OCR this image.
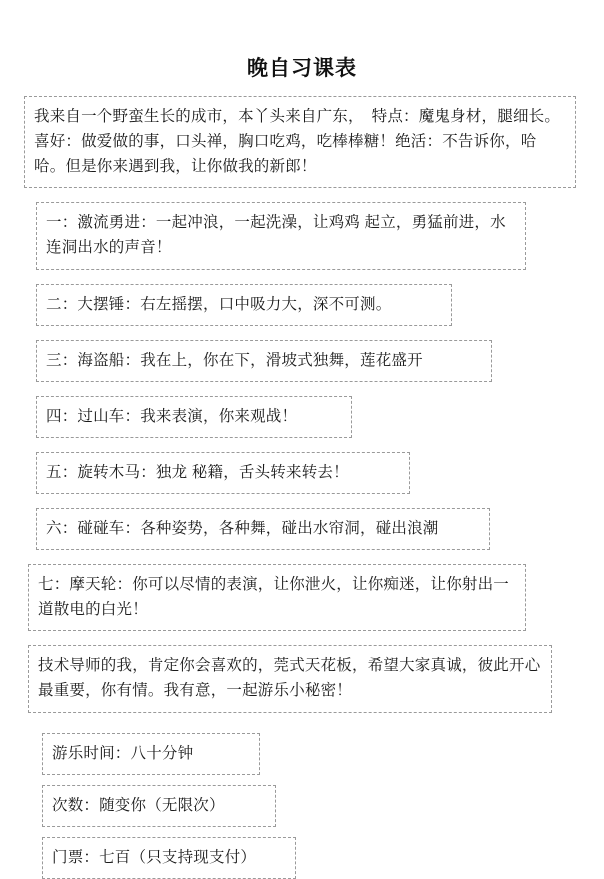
晚自习课表

我来自一个野蛮生长的成市，本丫头来自广东，　特点：魔鬼身材，腿细长。喜好：做爱做的事，口头禅，胸口吃鸡，吃棒棒糖！绝活：不告诉你，哈哈。但是你来遇到我，让你做我的新郎！

一：激流勇进：一起冲浪，一起洗澡，让鸡鸡 起立，勇猛前进，水连洞出水的声音！

二：大摆锤：右左摇摆，口中吸力大，深不可测。

三：海盗船：我在上，你在下，滑坡式独舞，莲花盛开

四：过山车：我来表演，你来观战！

五：旋转木马：独龙 秘籍，舌头转来转去！

六：碰碰车：各种姿势，各种舞，碰出水帘洞，碰出浪潮

七：摩天轮：你可以尽情的表演，让你泄火，让你痴迷，让你射出一道散电的白光！

技术导师的我，肯定你会喜欢的，莞式天花板，希望大家真诚，彼此开心最重要，你有情。我有意，一起游乐小秘密！

游乐时间：八十分钟

次数：随变你（无限次）

门票：七百（只支持现支付）
